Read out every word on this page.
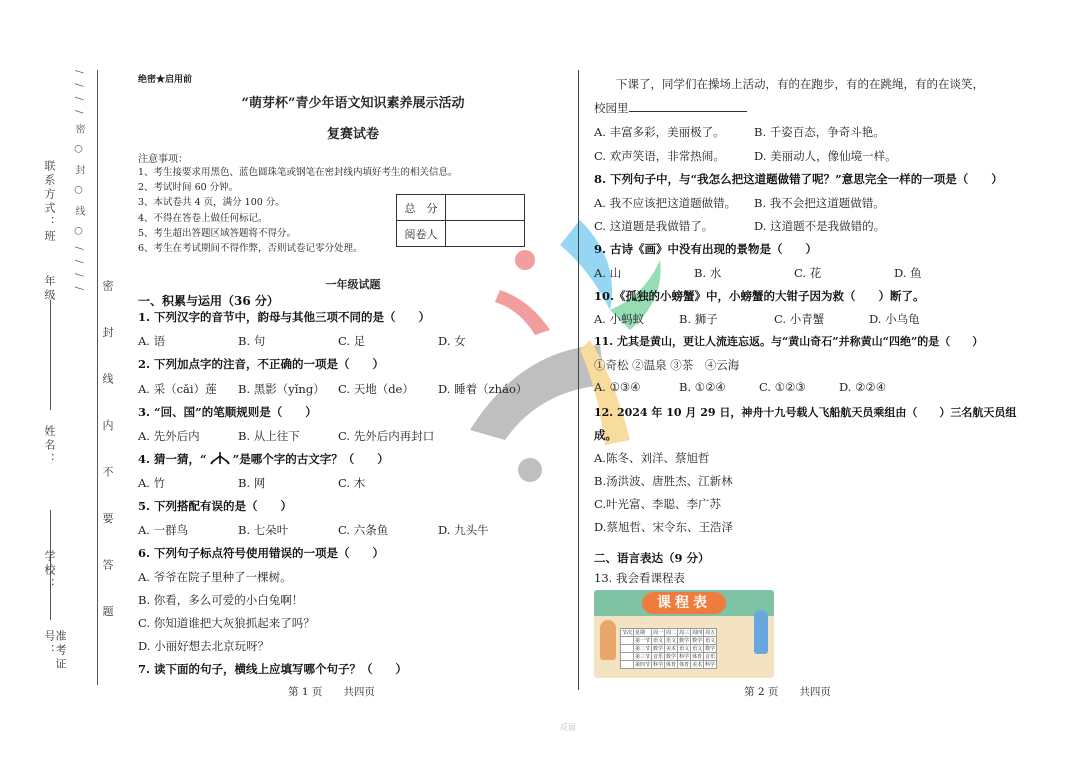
准考证号：
学校：
姓名：
年级
班
联系方式： ////密○封○线○////
密 封 线 内 不 要 答 题
绝密★启用前
“萌芽杯”青少年语文知识素养展示活动
复赛试卷
注意事项：
1、考生接要求用黑色、蓝色圆珠笔或钢笔在密封线内填好考生的相关信息。
2、考试时间 60 分钟。
3、本试卷共 4 页，满分 100 分。
4、不得在答卷上做任何标记。
5、考生超出答题区域答题将不得分。
6、考生在考试期间不得作弊，否则试卷记零分处理。
总　分	
阅卷人	
一年级试题
一、积累与运用（36 分）
1. 下列汉字的音节中，韵母与其他三项不同的是（　　）
A. 语	B. 句	C. 足	D. 女
2. 下列加点字的注音，不正确的一项是（　　）
A. 采（cǎi）莲 B. 黑影（yǐng） C. 天地（de） D. 睡着（zháo）
3. “回、国”的笔顺规则是（　　）
A. 先外后内	B. 从上往下	C. 先外后内再封口
4. 猜一猜，“ ”是哪个字的古文字？（　　）
A. 竹	B. 网	C. 木
5. 下列搭配有误的是（　　）
A. 一群鸟	B. 七朵叶	C. 六条鱼	D. 九头牛
6. 下列句子标点符号使用错误的一项是（　　）
A. 爷爷在院子里种了一棵树。
B. 你看，多么可爱的小白兔啊！
C. 你知道谁把大灰狼抓起来了吗？
D. 小丽好想去北京玩呀？
7. 读下面的句子，横线上应填写哪个句子？（　　）
第 1 页　　共四页
下课了，同学们在操场上活动，有的在跑步，有的在跳绳，有的在谈笑，
校园里
A. 丰富多彩，美丽极了。	B. 千姿百态，争奇斗艳。
C. 欢声笑语，非常热闹。	D. 美丽动人，像仙境一样。
8. 下列句子中，与“我怎么把这道题做错了呢？”意思完全一样的一项是（　　）
A. 我不应该把这道题做错。 B. 我不会把这道题做错。
C. 这道题是我做错了。	D. 这道题不是我做错的。
9. 古诗《画》中没有出现的景物是（　　）
A. 山	B. 水	C. 花	D. 鱼
10.《孤独的小螃蟹》中，小螃蟹的大钳子因为救（　　）断了。
A. 小蚂蚁	B. 狮子	C. 小青蟹	D. 小乌龟
11. 尤其是黄山，更让人流连忘返。与“黄山奇石”并称黄山“四绝”的是（　　）
①奇松 ②温泉 ③茶　④云海
A. ①③④	B. ①②④	C. ①②③	D. ②②④
12. 2024 年 10 月 29 日，神舟十九号载人飞船航天员乘组由（　　）三名航天员组
成。
A.陈冬、刘洋、蔡旭哲
B.汤洪波、唐胜杰、江新林
C.叶光富、李聪、李广苏
D.蔡旭哲、宋令东、王浩泽
二、语言表达（9 分）
13. 我会看课程表
课程表
节次	星期	周一	周二	周三	周四	周五
	第一节	语文	语文	数学	数学	语文
	第二节	数学	美术	语文	语文	数学
	第三节	音乐	数学	科学	体育	音乐
	第四节	科学	体育	体育	美术	科学
第 2 页　　共四页
反面
